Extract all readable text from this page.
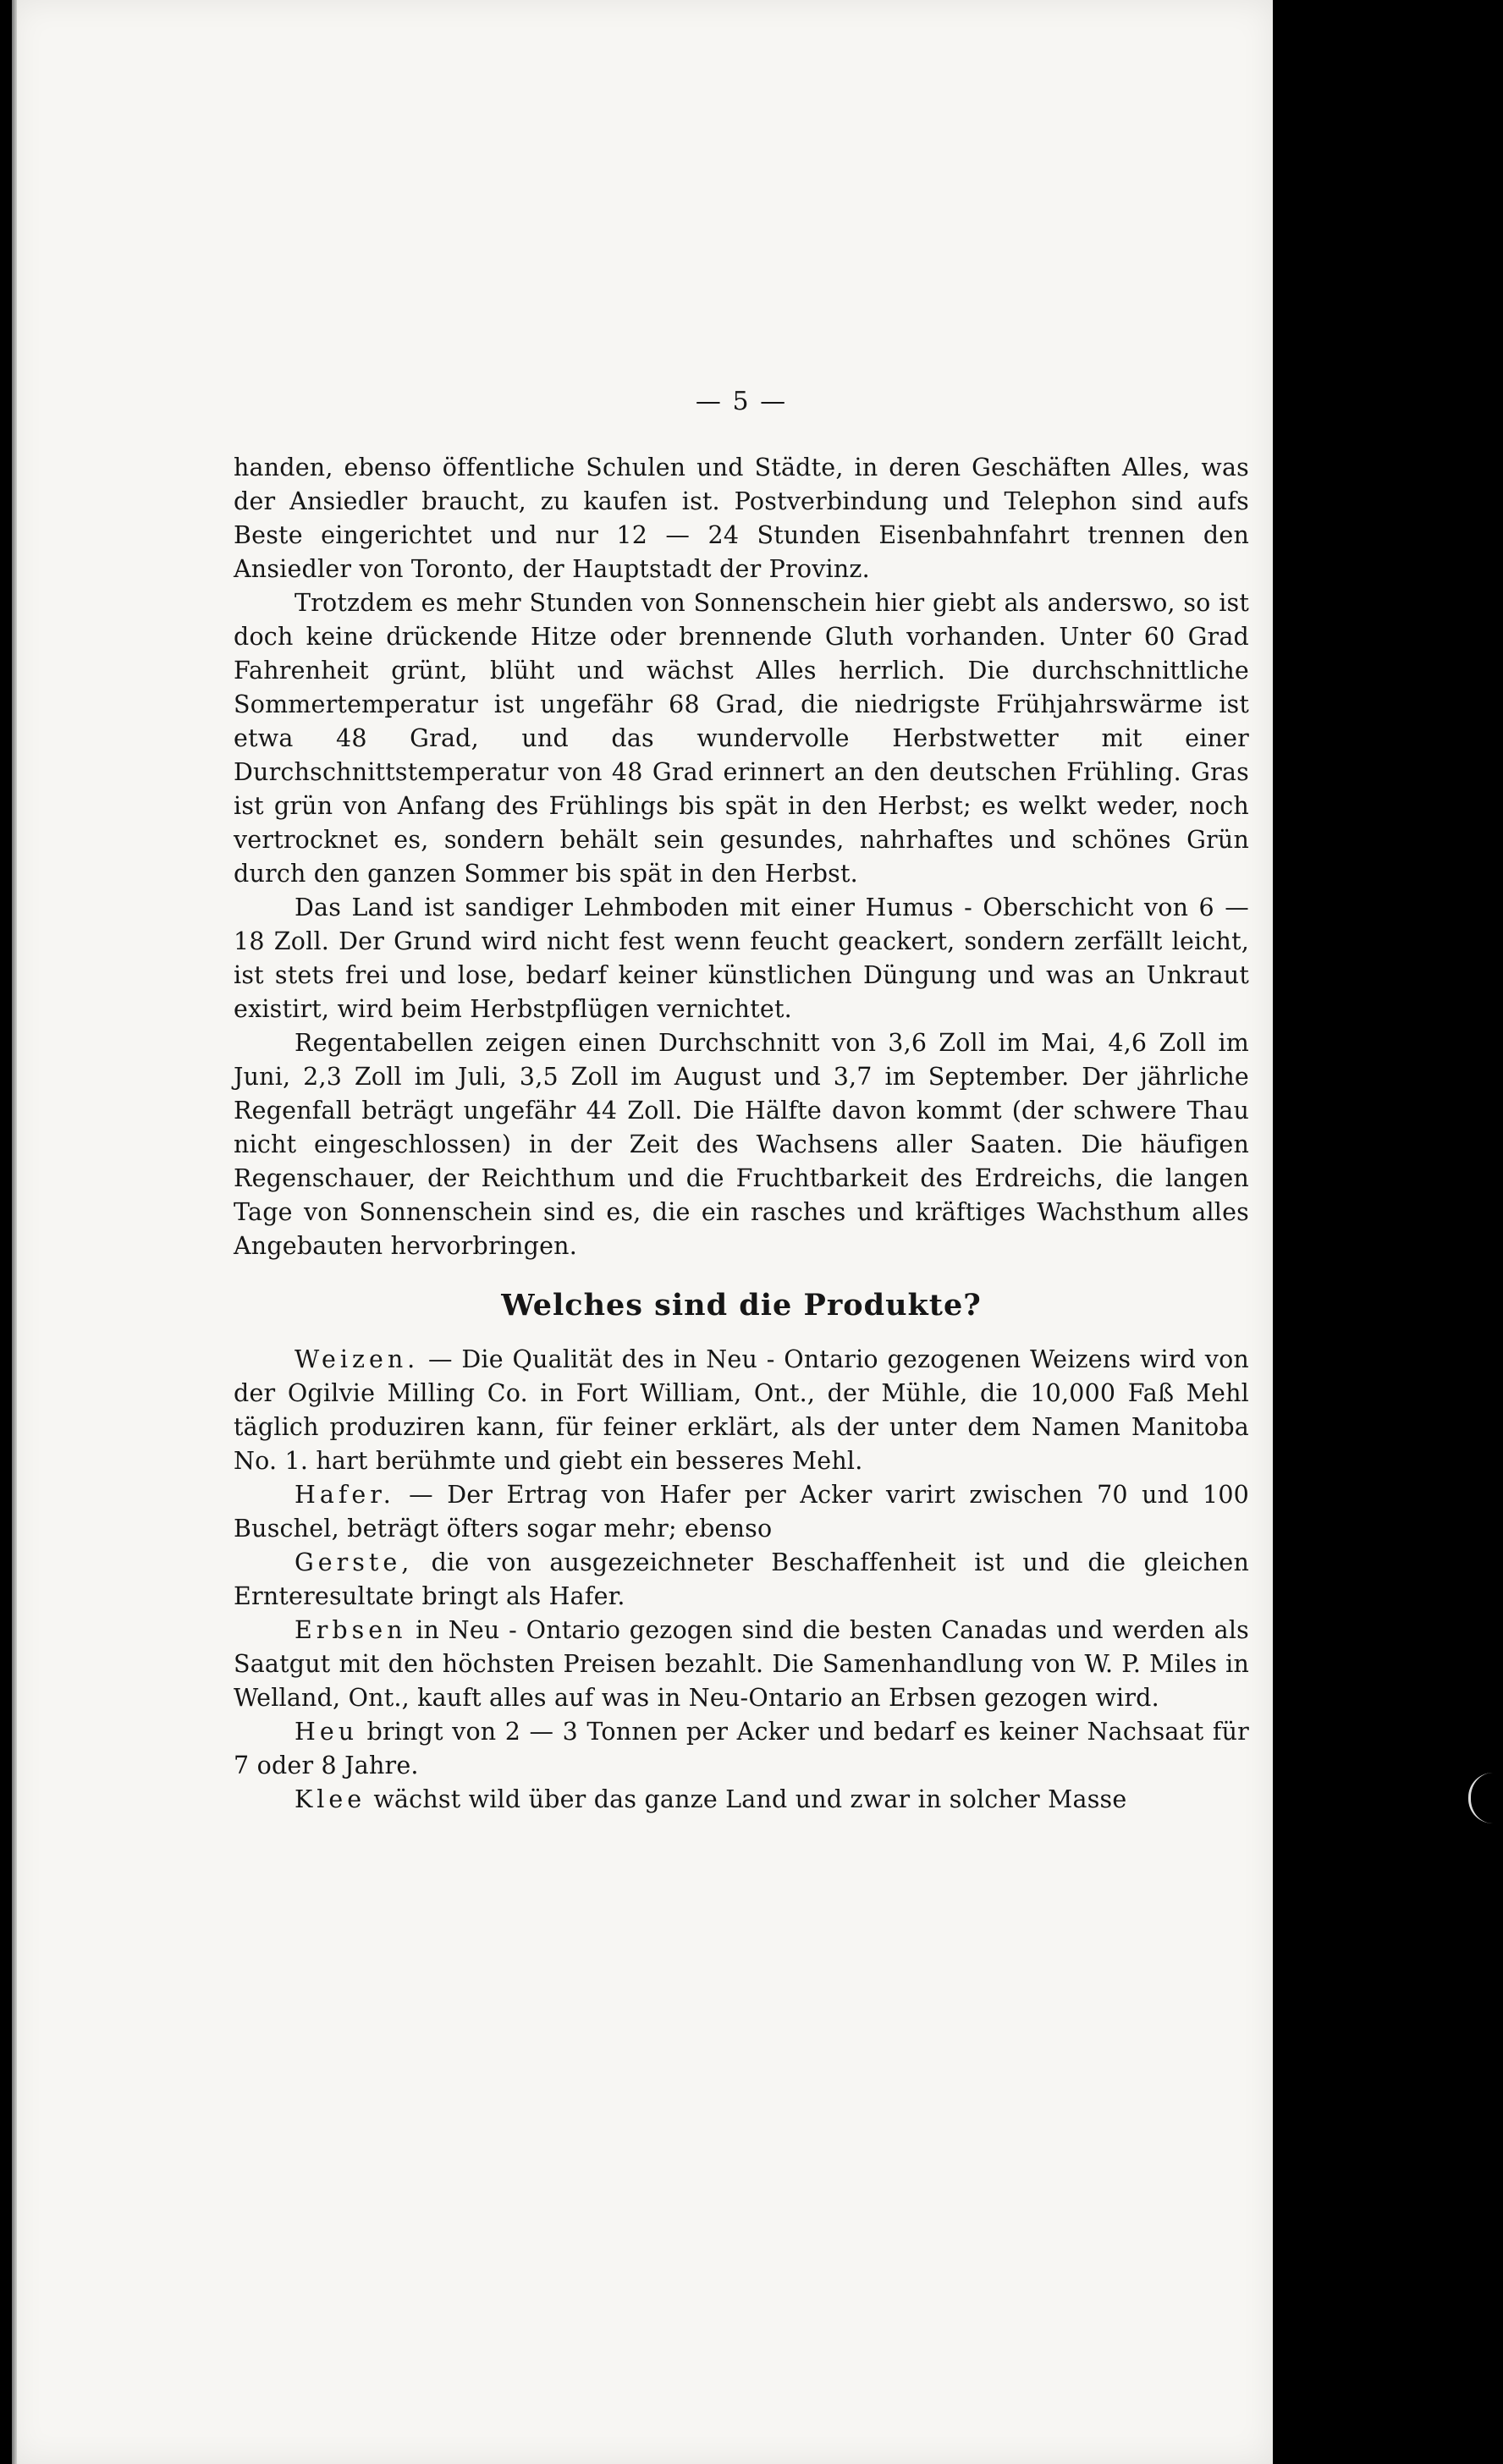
— 5 —

handen, ebenso öffentliche Schulen und Städte, in deren Geschäften Alles, was der Ansiedler braucht, zu kaufen ist. Postverbindung und Telephon sind aufs Beste eingerichtet und nur 12 — 24 Stunden Eisenbahnfahrt trennen den Ansiedler von Toronto, der Hauptstadt der Provinz.

Trotzdem es mehr Stunden von Sonnenschein hier giebt als anderswo, so ist doch keine drückende Hitze oder brennende Gluth vorhanden. Unter 60 Grad Fahrenheit grünt, blüht und wächst Alles herrlich. Die durchschnittliche Sommertemperatur ist ungefähr 68 Grad, die niedrigste Frühjahrswärme ist etwa 48 Grad, und das wundervolle Herbstwetter mit einer Durchschnittstemperatur von 48 Grad erinnert an den deutschen Frühling. Gras ist grün von Anfang des Frühlings bis spät in den Herbst; es welkt weder, noch vertrocknet es, sondern behält sein gesundes, nahrhaftes und schönes Grün durch den ganzen Sommer bis spät in den Herbst.

Das Land ist sandiger Lehmboden mit einer Humus - Oberschicht von 6 — 18 Zoll. Der Grund wird nicht fest wenn feucht geackert, sondern zerfällt leicht, ist stets frei und lose, bedarf keiner künstlichen Düngung und was an Unkraut existirt, wird beim Herbstpflügen vernichtet.

Regentabellen zeigen einen Durchschnitt von 3,6 Zoll im Mai, 4,6 Zoll im Juni, 2,3 Zoll im Juli, 3,5 Zoll im August und 3,7 im September. Der jährliche Regenfall beträgt ungefähr 44 Zoll. Die Hälfte davon kommt (der schwere Thau nicht eingeschlossen) in der Zeit des Wachsens aller Saaten. Die häufigen Regenschauer, der Reichthum und die Fruchtbarkeit des Erdreichs, die langen Tage von Sonnenschein sind es, die ein rasches und kräftiges Wachsthum alles Angebauten hervorbringen.

Welches sind die Produkte?

Weizen. — Die Qualität des in Neu - Ontario gezogenen Weizens wird von der Ogilvie Milling Co. in Fort William, Ont., der Mühle, die 10,000 Faß Mehl täglich produziren kann, für feiner erklärt, als der unter dem Namen Manitoba No. 1. hart berühmte und giebt ein besseres Mehl.

Hafer. — Der Ertrag von Hafer per Acker varirt zwischen 70 und 100 Buschel, beträgt öfters sogar mehr; ebenso

Gerste, die von ausgezeichneter Beschaffenheit ist und die gleichen Ernteresultate bringt als Hafer.

Erbsen in Neu - Ontario gezogen sind die besten Canadas und werden als Saatgut mit den höchsten Preisen bezahlt. Die Samenhandlung von W. P. Miles in Welland, Ont., kauft alles auf was in Neu-Ontario an Erbsen gezogen wird.

Heu bringt von 2 — 3 Tonnen per Acker und bedarf es keiner Nachsaat für 7 oder 8 Jahre.

Klee wächst wild über das ganze Land und zwar in solcher Masse
